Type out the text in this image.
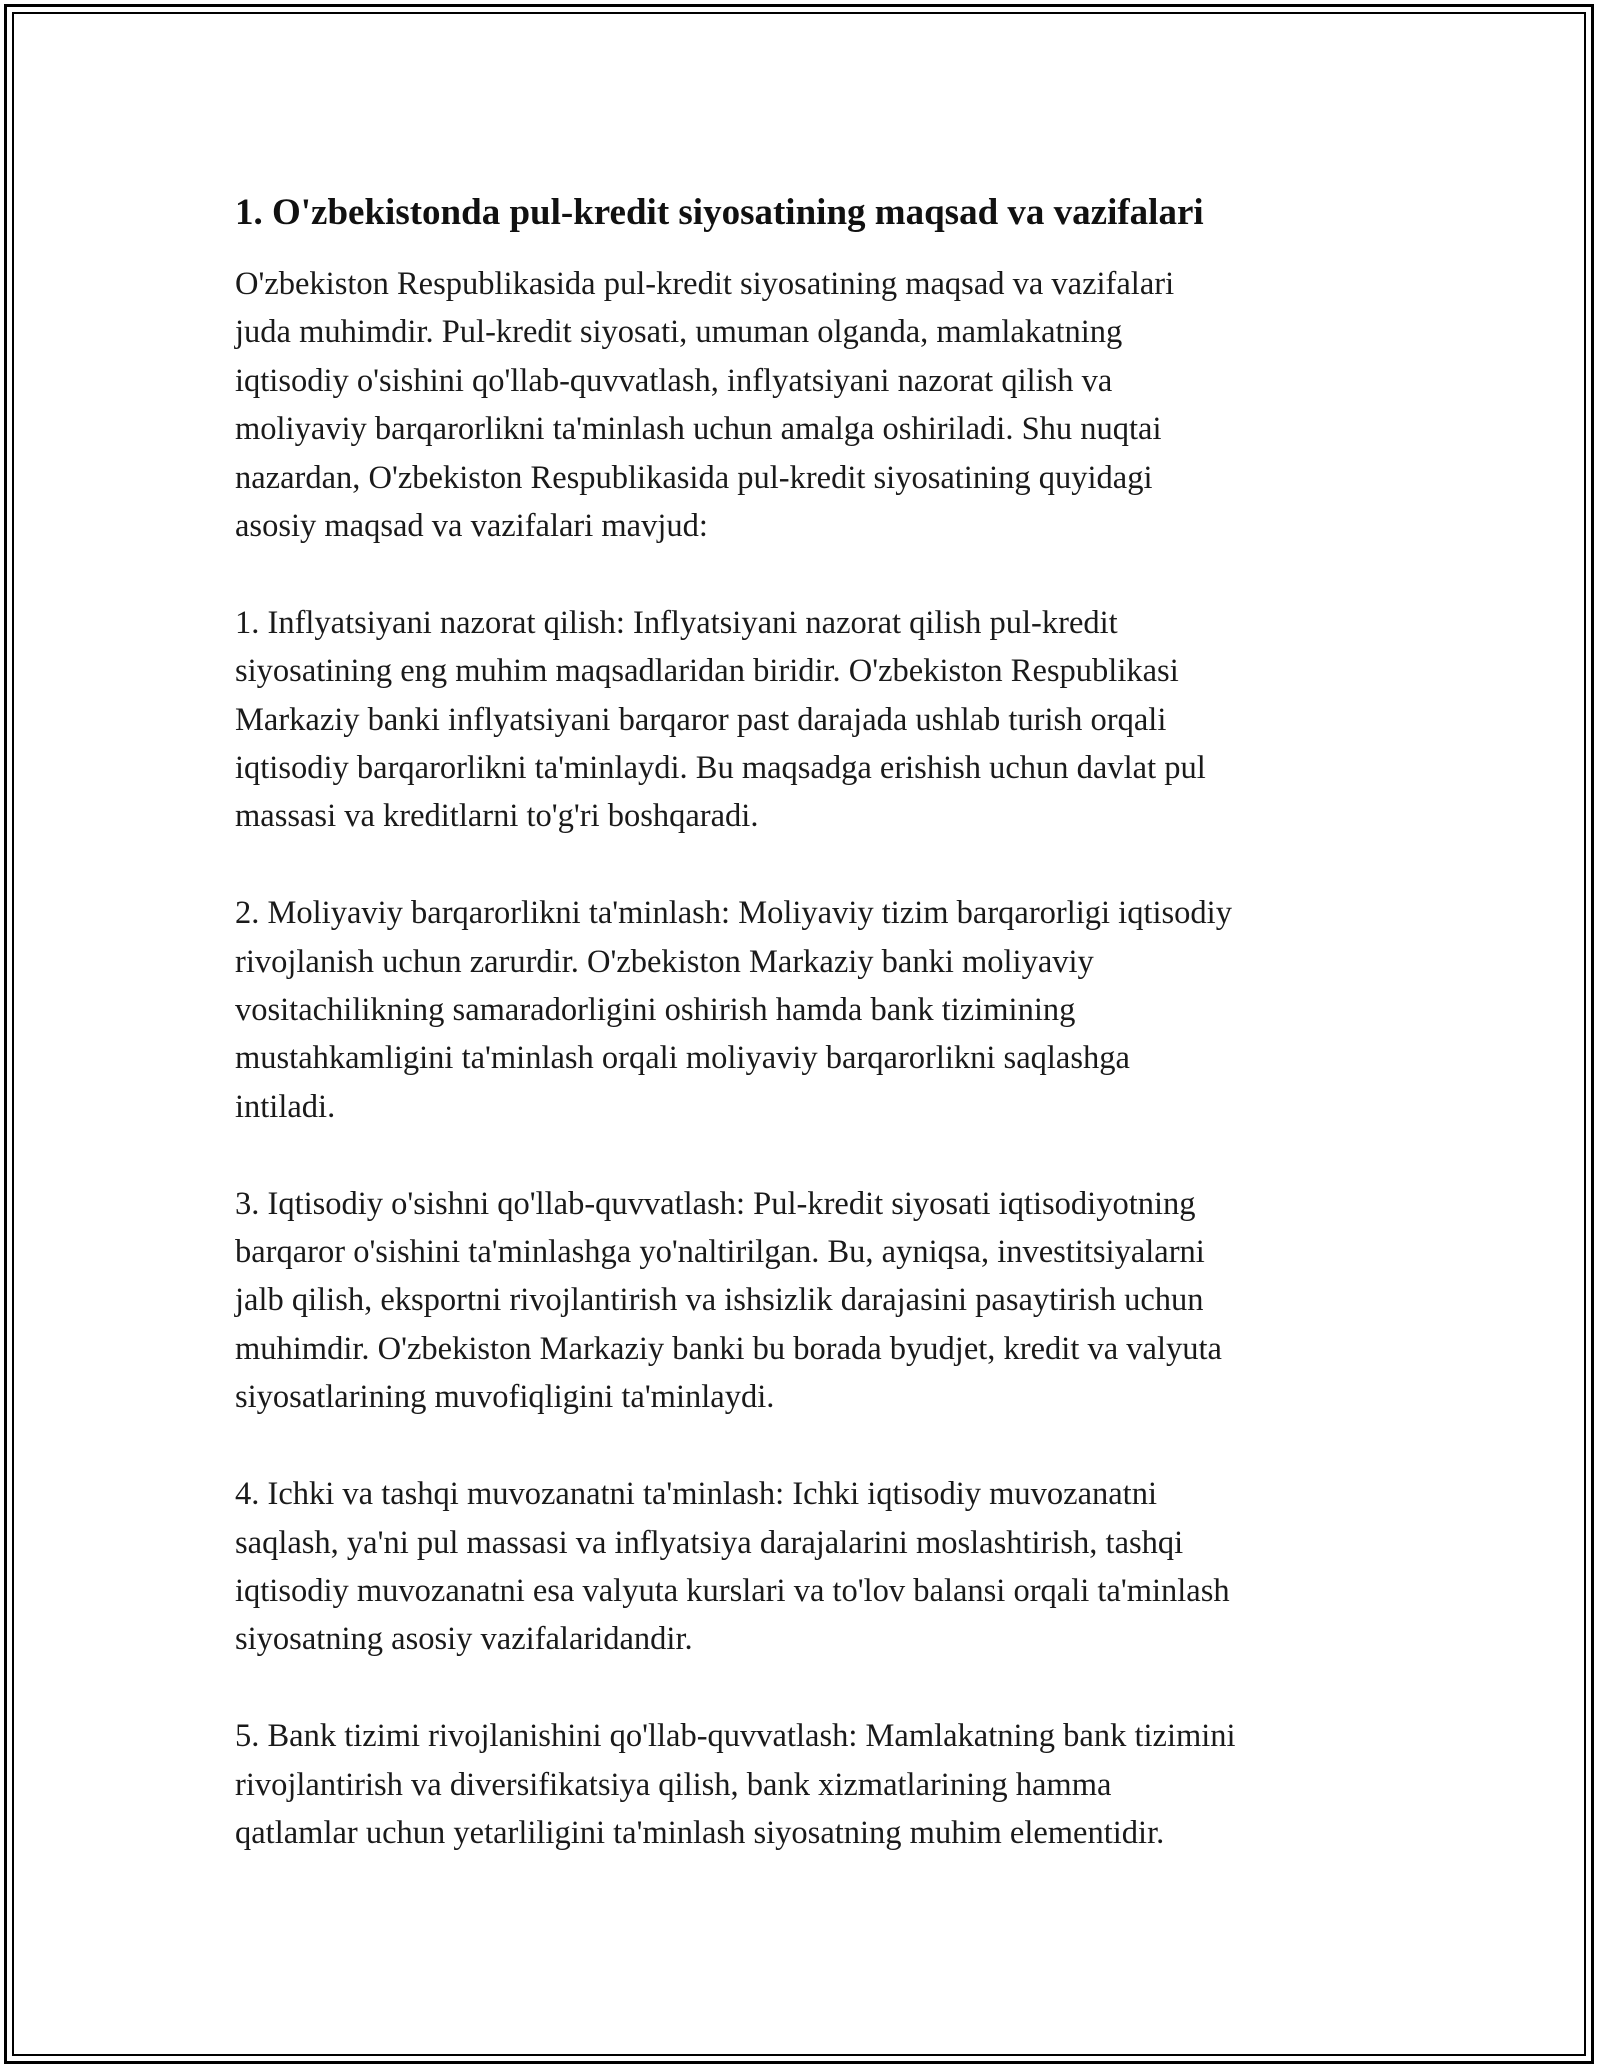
1. O'zbekistonda pul-kredit siyosatining maqsad va vazifalari

O'zbekiston Respublikasida pul-kredit siyosatining maqsad va vazifalari
juda muhimdir. Pul-kredit siyosati, umuman olganda, mamlakatning
iqtisodiy o'sishini qo'llab-quvvatlash, inflyatsiyani nazorat qilish va
moliyaviy barqarorlikni ta'minlash uchun amalga oshiriladi. Shu nuqtai
nazardan, O'zbekiston Respublikasida pul-kredit siyosatining quyidagi
asosiy maqsad va vazifalari mavjud:

1. Inflyatsiyani nazorat qilish: Inflyatsiyani nazorat qilish pul-kredit
siyosatining eng muhim maqsadlaridan biridir. O'zbekiston Respublikasi
Markaziy banki inflyatsiyani barqaror past darajada ushlab turish orqali
iqtisodiy barqarorlikni ta'minlaydi. Bu maqsadga erishish uchun davlat pul
massasi va kreditlarni to'g'ri boshqaradi.

2. Moliyaviy barqarorlikni ta'minlash: Moliyaviy tizim barqarorligi iqtisodiy
rivojlanish uchun zarurdir. O'zbekiston Markaziy banki moliyaviy
vositachilikning samaradorligini oshirish hamda bank tizimining
mustahkamligini ta'minlash orqali moliyaviy barqarorlikni saqlashga
intiladi.

3. Iqtisodiy o'sishni qo'llab-quvvatlash: Pul-kredit siyosati iqtisodiyotning
barqaror o'sishini ta'minlashga yo'naltirilgan. Bu, ayniqsa, investitsiyalarni
jalb qilish, eksportni rivojlantirish va ishsizlik darajasini pasaytirish uchun
muhimdir. O'zbekiston Markaziy banki bu borada byudjet, kredit va valyuta
siyosatlarining muvofiqligini ta'minlaydi.

4. Ichki va tashqi muvozanatni ta'minlash: Ichki iqtisodiy muvozanatni
saqlash, ya'ni pul massasi va inflyatsiya darajalarini moslashtirish, tashqi
iqtisodiy muvozanatni esa valyuta kurslari va to'lov balansi orqali ta'minlash
siyosatning asosiy vazifalaridandir.

5. Bank tizimi rivojlanishini qo'llab-quvvatlash: Mamlakatning bank tizimini
rivojlantirish va diversifikatsiya qilish, bank xizmatlarining hamma
qatlamlar uchun yetarliligini ta'minlash siyosatning muhim elementidir.
